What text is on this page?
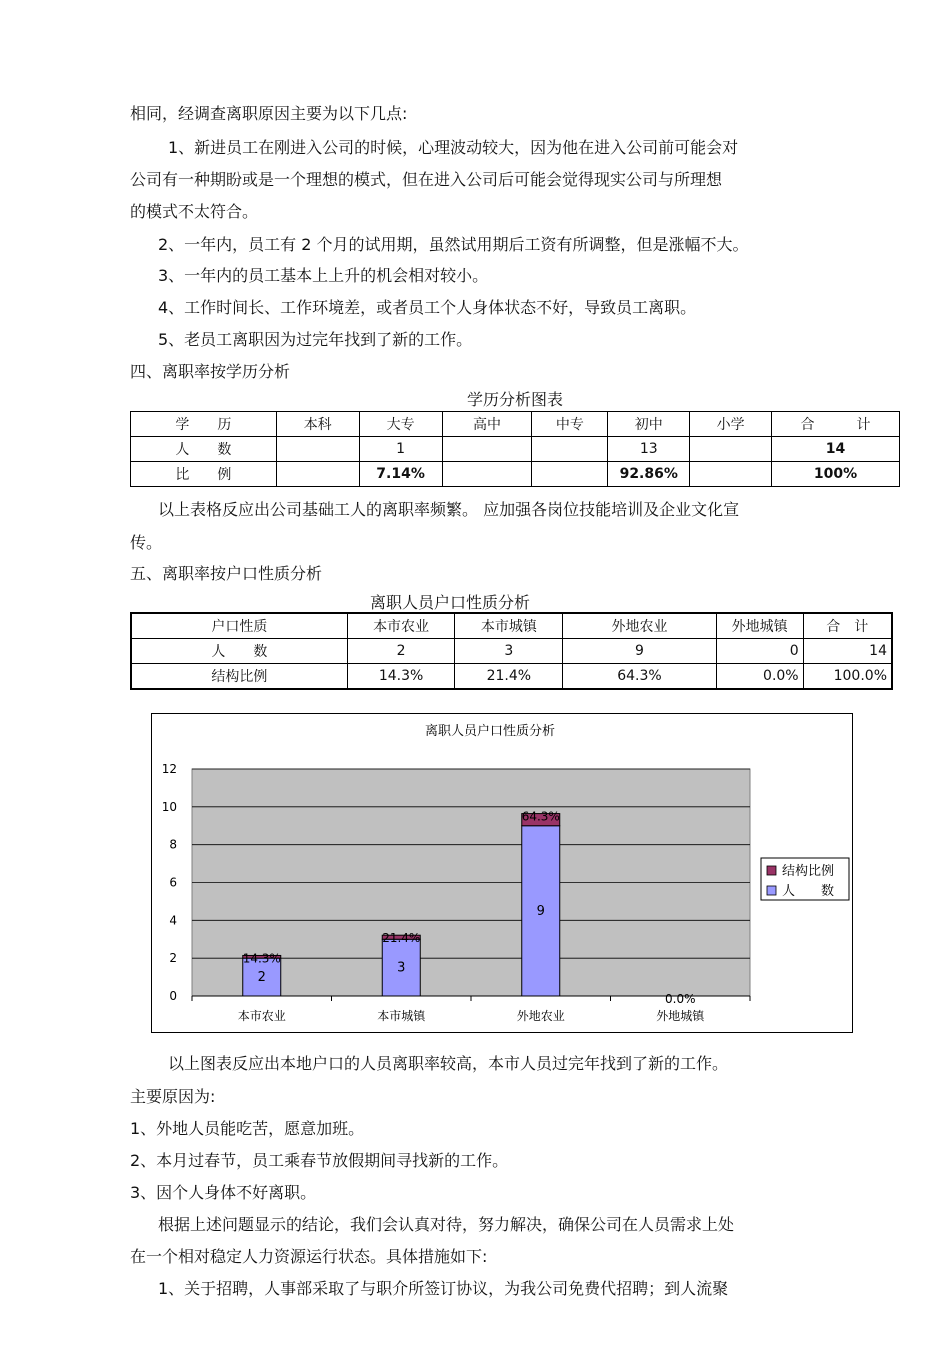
相同，经调查离职原因主要为以下几点:
1、新进员工在刚进入公司的时候，心理波动较大，因为他在进入公司前可能会对
公司有一种期盼或是一个理想的模式，但在进入公司后可能会觉得现实公司与所理想
的模式不太符合。
2、一年内，员工有 2 个月的试用期，虽然试用期后工资有所调整，但是涨幅不大。
3、一年内的员工基本上上升的机会相对较小。
4、工作时间长、工作环境差，或者员工个人身体状态不好，导致员工离职。
5、老员工离职因为过完年找到了新的工作。
四、离职率按学历分析
学历分析图表
学　　历	本科	大专	高中	中专	初中	小学	合　　　计
人　　数		1			13		14
比　　例		7.14%			92.86%		100%
以上表格反应出公司基础工人的离职率频繁。 应加强各岗位技能培训及企业文化宣
传。
五、离职率按户口性质分析
离职人员户口性质分析
户口性质	本市农业	本市城镇	外地农业	外地城镇	合　计
人　　数	2	3	9	0	14
结构比例	14.3%	21.4%	64.3%	0.0%	100.0%
离职人员户口性质分析
0
2
4
6
8
10
12
本市农业
2
14.3%
本市城镇
3
21.4%
外地农业
9
64.3%
外地城镇
0.0%
结构比例
人　　数
以上图表反应出本地户口的人员离职率较高，本市人员过完年找到了新的工作。
主要原因为:
1、外地人员能吃苦，愿意加班。
2、本月过春节，员工乘春节放假期间寻找新的工作。
3、因个人身体不好离职。
根据上述问题显示的结论，我们会认真对待，努力解决，确保公司在人员需求上处
在一个相对稳定人力资源运行状态。具体措施如下:
1、关于招聘，人事部采取了与职介所签订协议，为我公司免费代招聘；到人流聚
